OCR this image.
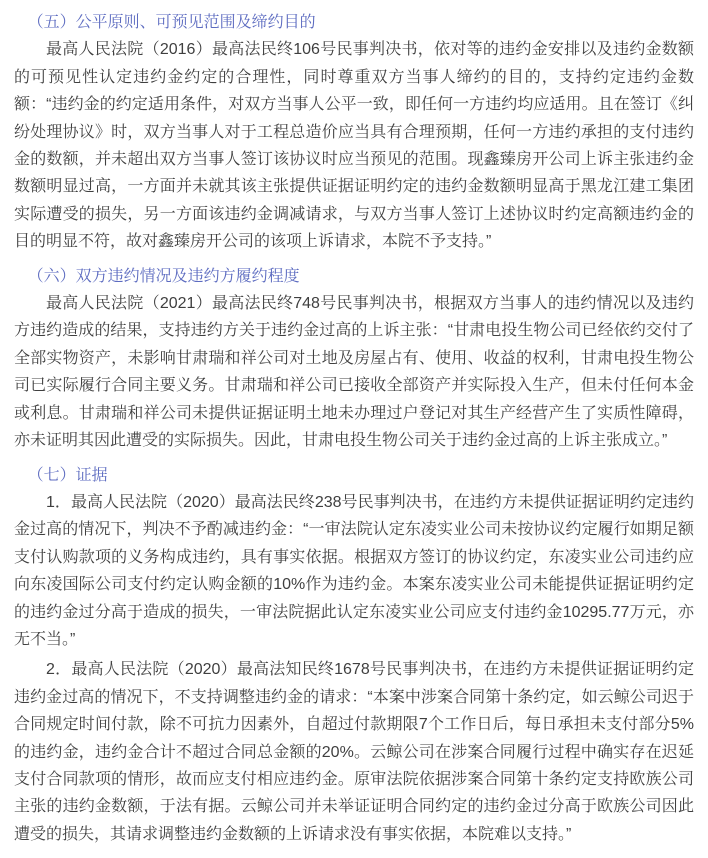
（五）公平原则、可预见范围及缔约目的

最高人民法院（2016）最高法民终106号民事判决书，依对等的违约金安排以及违约金数额的可预见性认定违约金约定的合理性，同时尊重双方当事人缔约的目的，支持约定违约金数额：“违约金的约定适用条件，对双方当事人公平一致，即任何一方违约均应适用。且在签订《纠纷处理协议》时，双方当事人对于工程总造价应当具有合理预期，任何一方违约承担的支付违约金的数额，并未超出双方当事人签订该协议时应当预见的范围。现鑫臻房开公司上诉主张违约金数额明显过高，一方面并未就其该主张提供证据证明约定的违约金数额明显高于黑龙江建工集团实际遭受的损失，另一方面该违约金调减请求，与双方当事人签订上述协议时约定高额违约金的目的明显不符，故对鑫臻房开公司的该项上诉请求，本院不予支持。”

（六）双方违约情况及违约方履约程度

最高人民法院（2021）最高法民终748号民事判决书，根据双方当事人的违约情况以及违约方违约造成的结果，支持违约方关于违约金过高的上诉主张：“甘肃电投生物公司已经依约交付了全部实物资产，未影响甘肃瑞和祥公司对土地及房屋占有、使用、收益的权利，甘肃电投生物公司已实际履行合同主要义务。甘肃瑞和祥公司已接收全部资产并实际投入生产，但未付任何本金或利息。甘肃瑞和祥公司未提供证据证明土地未办理过户登记对其生产经营产生了实质性障碍，亦未证明其因此遭受的实际损失。因此，甘肃电投生物公司关于违约金过高的上诉主张成立。”

（七）证据

1．最高人民法院（2020）最高法民终238号民事判决书，在违约方未提供证据证明约定违约金过高的情况下，判决不予酌减违约金：“一审法院认定东凌实业公司未按协议约定履行如期足额支付认购款项的义务构成违约，具有事实依据。根据双方签订的协议约定，东凌实业公司违约应向东凌国际公司支付约定认购金额的10%作为违约金。本案东凌实业公司未能提供证据证明约定的违约金过分高于造成的损失，一审法院据此认定东凌实业公司应支付违约金10295.77万元，亦无不当。”

2．最高人民法院（2020）最高法知民终1678号民事判决书，在违约方未提供证据证明约定违约金过高的情况下，不支持调整违约金的请求：“本案中涉案合同第十条约定，如云鲸公司迟于合同规定时间付款，除不可抗力因素外，自超过付款期限7个工作日后，每日承担未支付部分5%的违约金，违约金合计不超过合同总金额的20%。云鲸公司在涉案合同履行过程中确实存在迟延支付合同款项的情形，故而应支付相应违约金。原审法院依据涉案合同第十条约定支持欧族公司主张的违约金数额，于法有据。云鲸公司并未举证证明合同约定的违约金过分高于欧族公司因此遭受的损失，其请求调整违约金数额的上诉请求没有事实依据，本院难以支持。”
